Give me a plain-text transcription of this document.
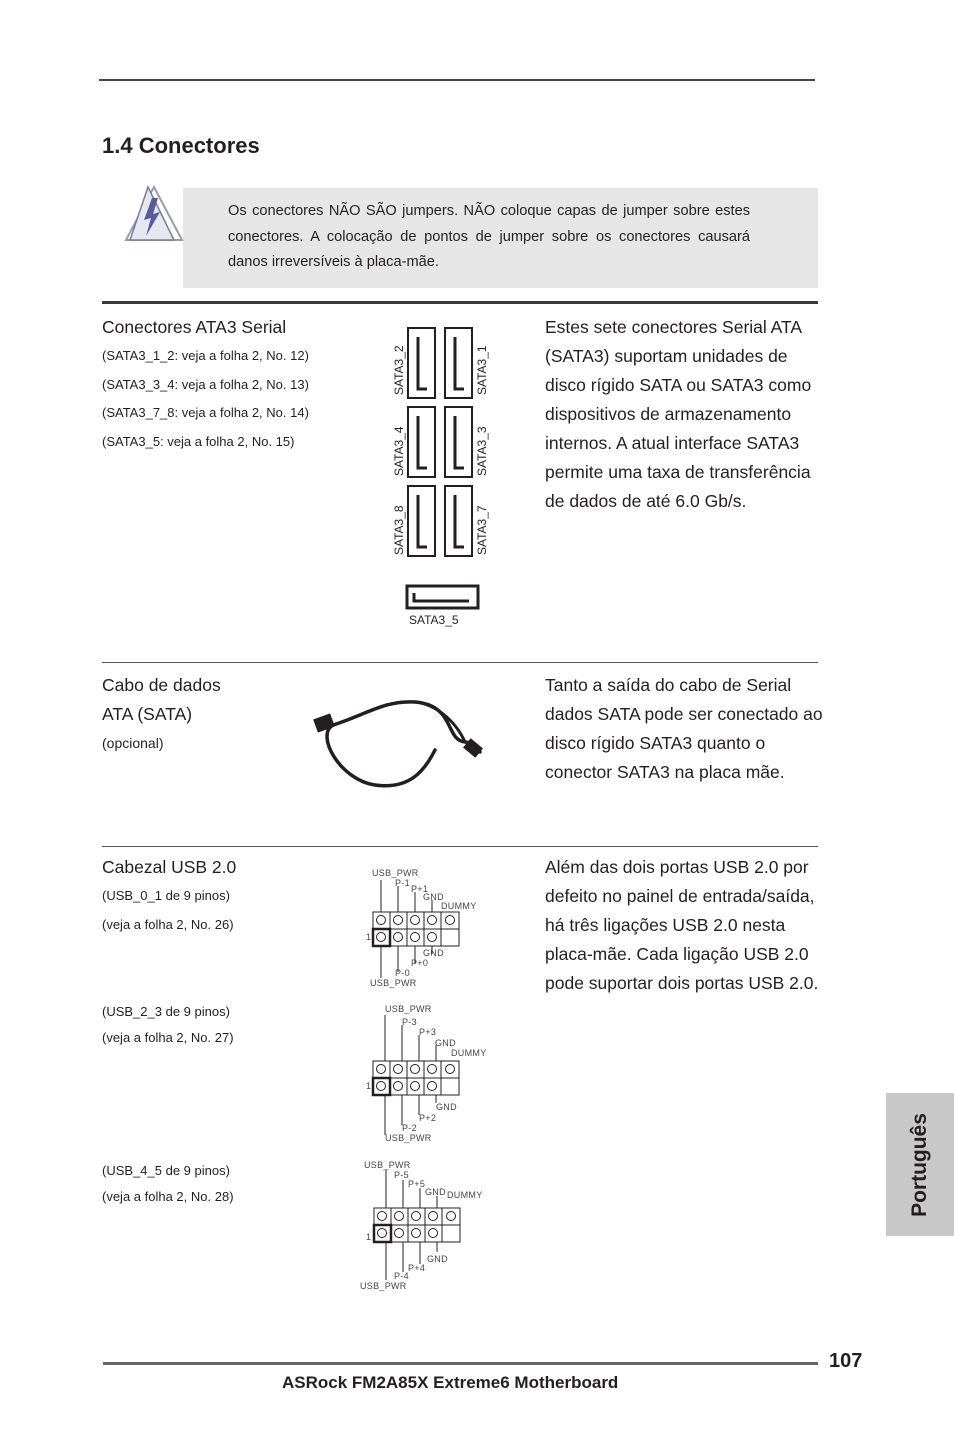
1.4 Conectores
Os conectores NÃO SÃO jumpers. NÃO coloque capas de jumper sobre estes conectores. A colocação de pontos de jumper sobre os conectores causará danos irreversíveis à placa-mãe.
Conectores ATA3 Serial
(SATA3_1_2: veja a folha 2, No. 12)
(SATA3_3_4: veja a folha 2, No. 13)
(SATA3_7_8: veja a folha 2, No. 14)
(SATA3_5: veja a folha 2, No. 15)
SATA3_2	SATA3_1
SATA3_4	SATA3_3
SATA3_8	SATA3_7
SATA3_5
Estes sete conectores Serial ATA (SATA3) suportam unidades de disco rígido SATA ou SATA3 como dispositivos de armazenamento internos. A atual interface SATA3 permite uma taxa de transferência de dados de até 6.0 Gb/s.
Cabo de dados
ATA (SATA)
(opcional)
Tanto a saída do cabo de Serial dados SATA pode ser conectado ao disco rígido SATA3 quanto o conector SATA3 na placa mãe.
Cabezal USB 2.0
(USB_0_1 de 9 pinos)
(veja a folha 2, No. 26)
(USB_2_3 de 9 pinos)
(veja a folha 2, No. 27)
(USB_4_5 de 9 pinos)
(veja a folha 2, No. 28)
USB_PWR
P-1
P+1
GND
DUMMY
1
GND
P+0
P-0
USB_PWR
USB_PWR
P-3
P+3
GND
DUMMY
1
GND
P+2
P-2
USB_PWR
USB_PWR
P-5
P+5
GND DUMMY
1
GND
P+4
P-4
USB_PWR
Além das dois portas USB 2.0 por defeito no painel de entrada/saída, há três ligações USB 2.0 nesta placa-mãe. Cada ligação USB 2.0 pode suportar dois portas USB 2.0.
Português
107
ASRock FM2A85X Extreme6 Motherboard
